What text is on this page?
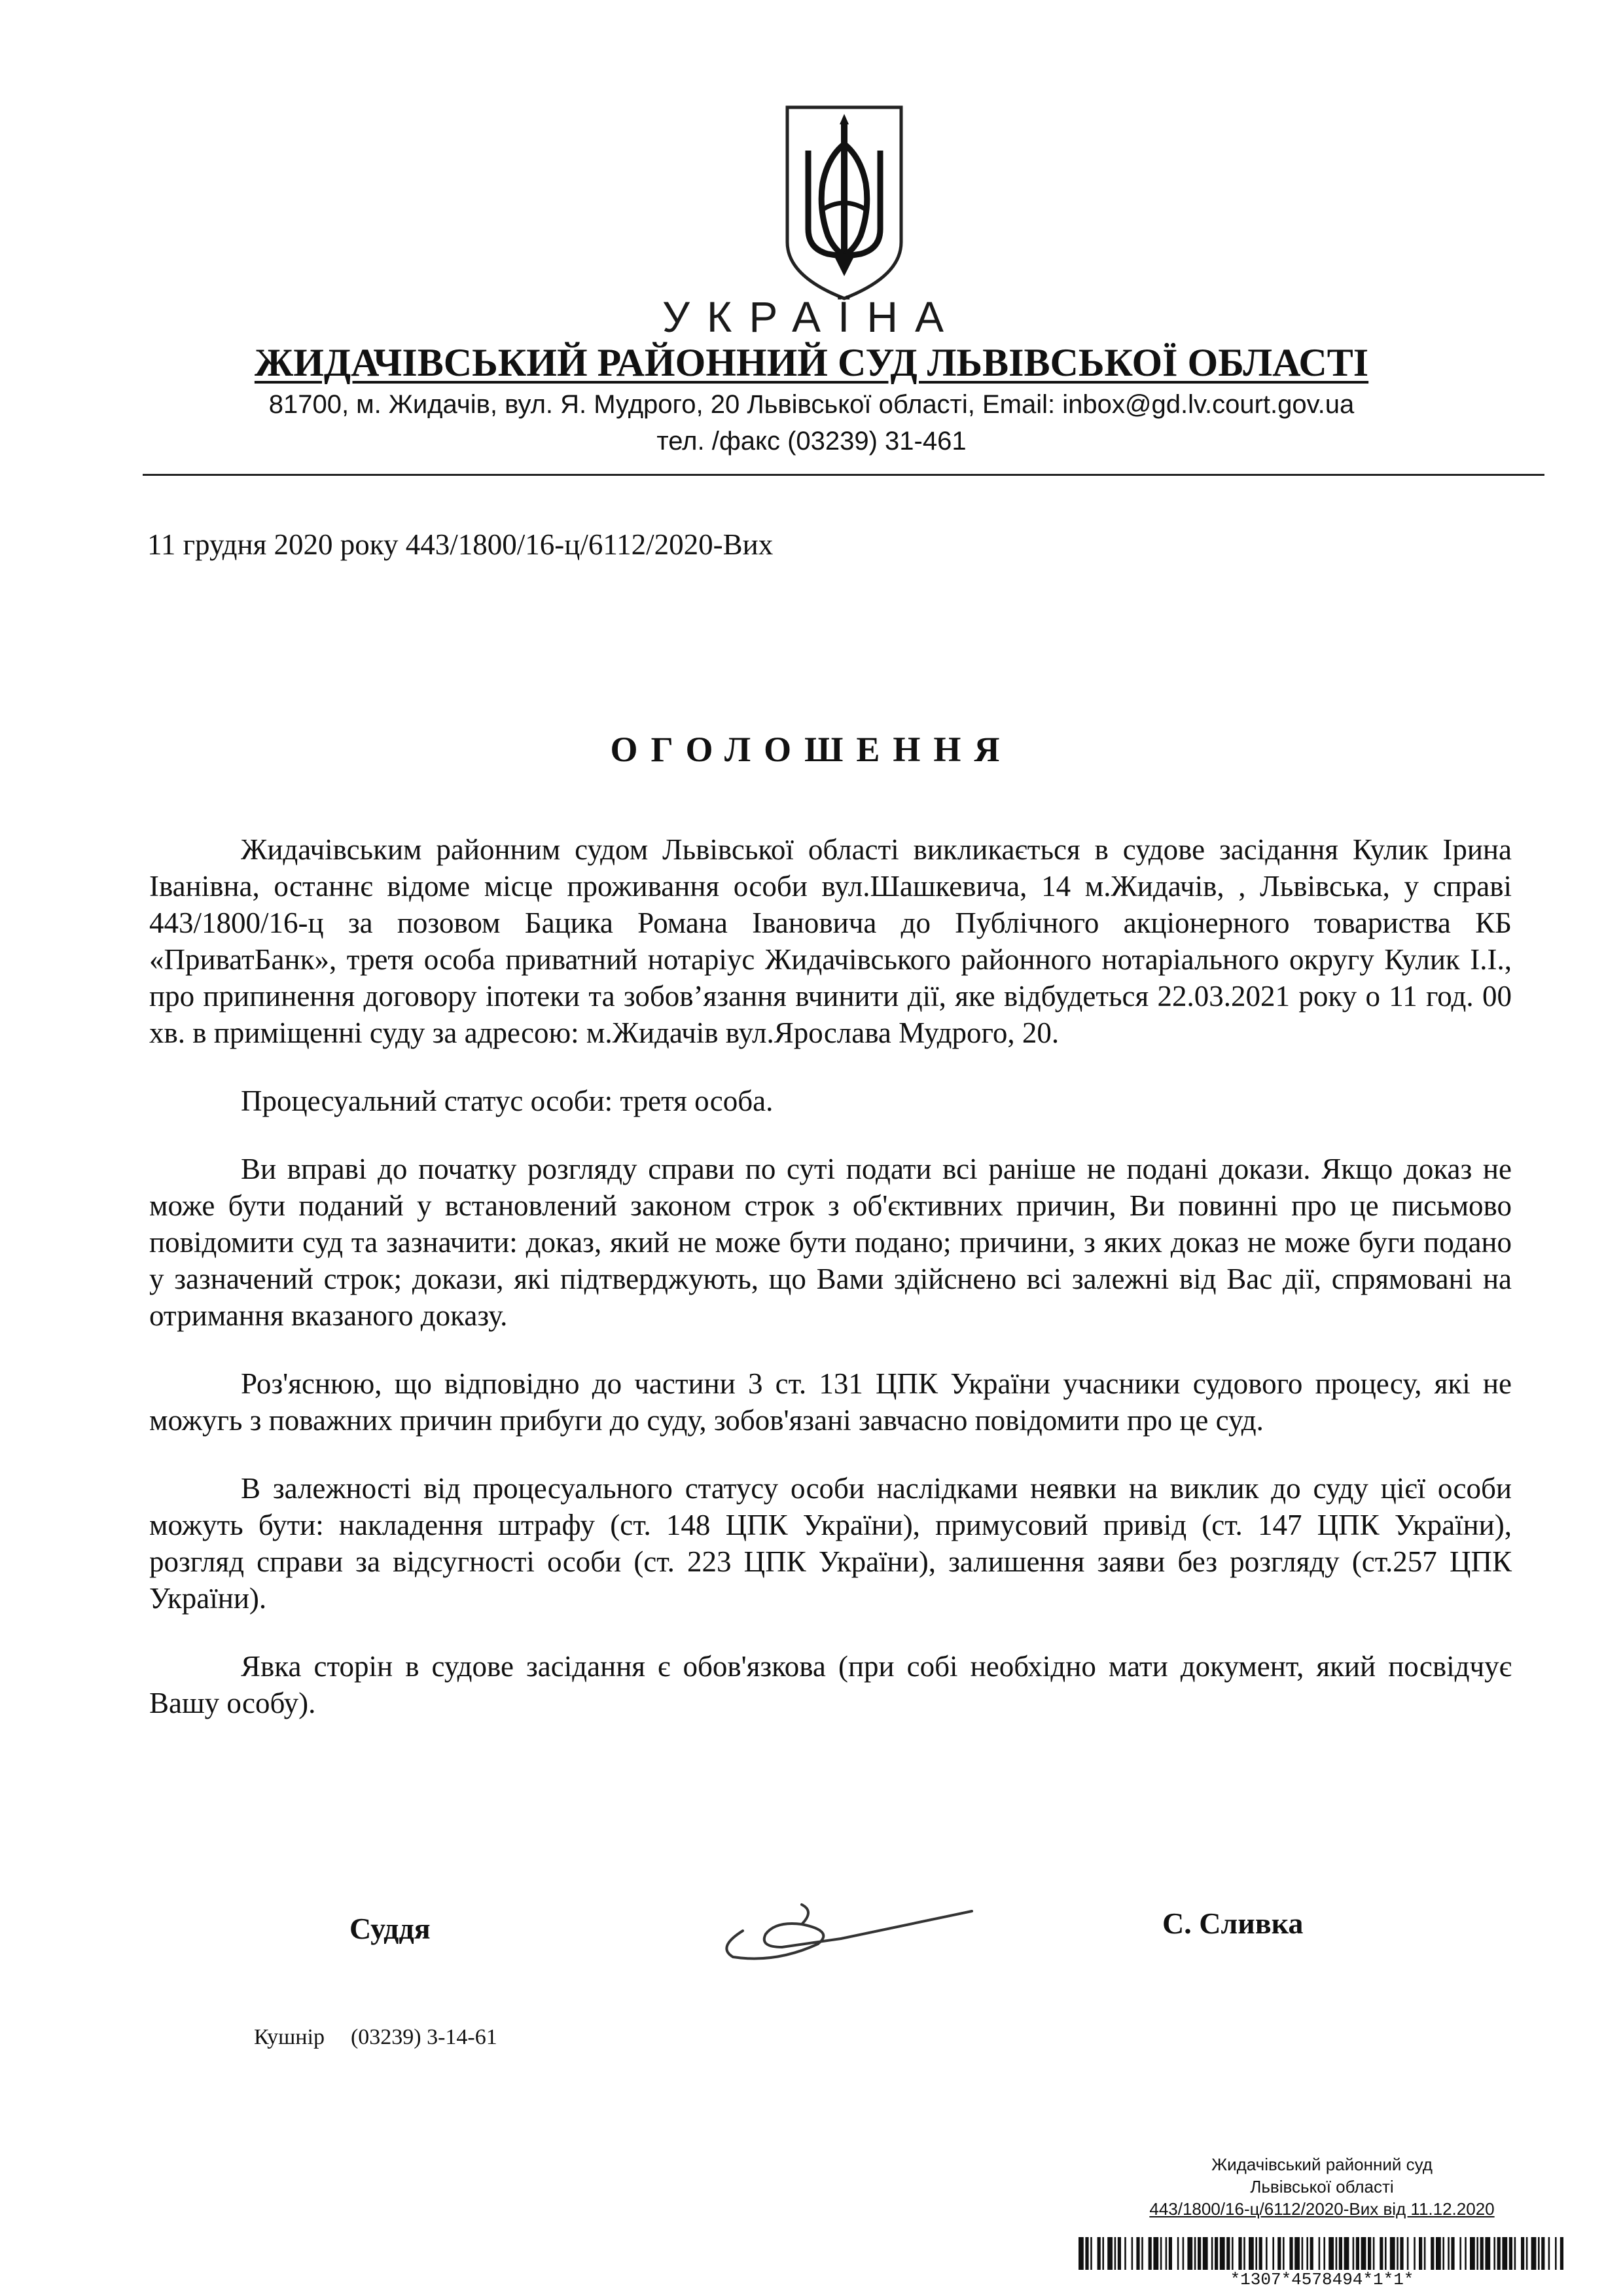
УКРАЇНА
ЖИДАЧІВСЬКИЙ РАЙОННИЙ СУД ЛЬВІВСЬКОЇ ОБЛАСТІ
81700, м. Жидачів, вул. Я. Мудрого, 20 Львівської області, Email: inbox@gd.lv.court.gov.ua
тел. /факс (03239) 31-461
11 грудня 2020 року 443/1800/16-ц/6112/2020-Вих
ОГОЛОШЕННЯ

Жидачівським районним судом Львівської області викликається в судове засідання Кулик Ірина Іванівна, останнє відоме місце проживання особи вул.Шашкевича, 14 м.Жидачів, , Львівська, у справі 443/1800/16-ц за позовом Бацика Романа Івановича до Публічного акціонерного товариства КБ «ПриватБанк», третя особа приватний нотаріус Жидачівського районного нотаріального округу Кулик І.І., про припинення договору іпотеки та зобов’язання вчинити дії, яке відбудеться 22.03.2021 року о 11 год. 00 хв. в приміщенні суду за адресою: м.Жидачів вул.Ярослава Мудрого, 20.

Процесуальний статус особи: третя особа.

Ви вправі до початку розгляду справи по суті подати всі раніше не подані докази. Якщо доказ не може бути поданий у встановлений законом строк з об'єктивних причин, Ви повинні про це письмово повідомити суд та зазначити: доказ, який не може бути подано; причини, з яких доказ не може буги подано у зазначений строк; докази, які підтверджують, що Вами здійснено всі залежні від Вас дії, спрямовані на отримання вказаного доказу.

Роз'яснюю, що відповідно до частини 3 ст. 131 ЦПК України учасники судового процесу, які не можугь з поважних причин прибуги до суду, зобов'язані завчасно повідомити про це суд.

В залежності від процесуального статусу особи наслідками неявки на виклик до суду цієї особи можуть бути: накладення штрафу (ст. 148 ЦПК України), примусовий привід (ст. 147 ЦПК України), розгляд справи за відсугності особи (ст. 223 ЦПК України), залишення заяви без розгляду (ст.257 ЦПК України).

Явка сторін в судове засідання є обов'язкова (при собі необхідно мати документ, який посвідчує Вашу особу).

Суддя	С. Сливка
Кушнір (03239) 3-14-61
Жидачівський районний суд
Львівської області
443/1800/16-ц/6112/2020-Вих від 11.12.2020
*1307*4578494*1*1*
